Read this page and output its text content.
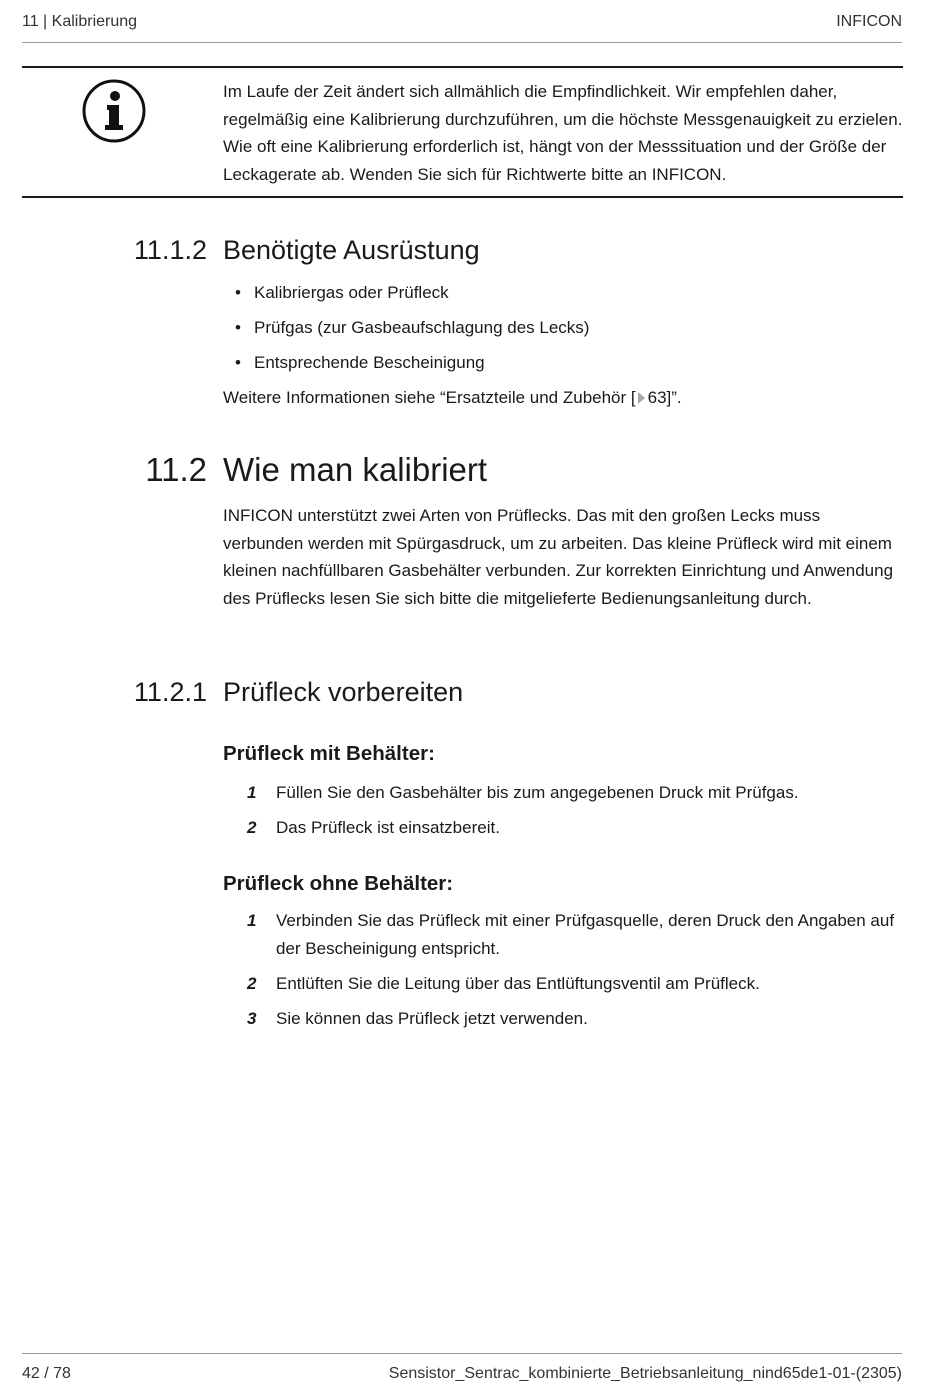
11 | Kalibrierung	INFICON
Im Laufe der Zeit ändert sich allmählich die Empfindlichkeit. Wir empfehlen daher, regelmäßig eine Kalibrierung durchzuführen, um die höchste Messgenauigkeit zu erzielen. Wie oft eine Kalibrierung erforderlich ist, hängt von der Messsituation und der Größe der Leckagerate ab. Wenden Sie sich für Richtwerte bitte an INFICON.
11.1.2 Benötigte Ausrüstung
• Kalibriergas oder Prüfleck
• Prüfgas (zur Gasbeaufschlagung des Lecks)
• Entsprechende Bescheinigung
Weitere Informationen siehe “Ersatzteile und Zubehör [ 63]”.
11.2 Wie man kalibriert
INFICON unterstützt zwei Arten von Prüflecks. Das mit den großen Lecks muss verbunden werden mit Spürgasdruck, um zu arbeiten. Das kleine Prüfleck wird mit einem kleinen nachfüllbaren Gasbehälter verbunden. Zur korrekten Einrichtung und Anwendung des Prüflecks lesen Sie sich bitte die mitgelieferte Bedienungsanleitung durch.
11.2.1 Prüfleck vorbereiten
Prüfleck mit Behälter:
1 Füllen Sie den Gasbehälter bis zum angegebenen Druck mit Prüfgas.
2 Das Prüfleck ist einsatzbereit.
Prüfleck ohne Behälter:
1 Verbinden Sie das Prüfleck mit einer Prüfgasquelle, deren Druck den Angaben auf der Bescheinigung entspricht.
2 Entlüften Sie die Leitung über das Entlüftungsventil am Prüfleck.
3 Sie können das Prüfleck jetzt verwenden.
42 / 78	Sensistor_Sentrac_kombinierte_Betriebsanleitung_nind65de1-01-(2305)
